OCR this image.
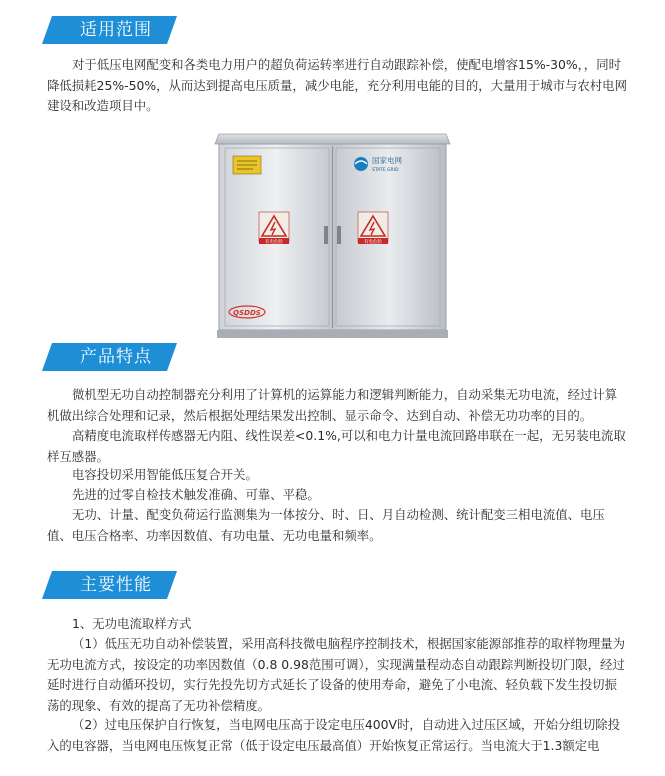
适用范围

对于低压电网配变和各类电力用户的超负荷运转率进行自动跟踪补偿，使配电增容15%-30%，，同时降低损耗25%-50%，从而达到提高电压质量，减少电能，充分利用电能的目的，大量用于城市与农村电网建设和改造项目中。

国家电网
STATE GRID
有电危险	有电危险
QSDDS
产品特点

微机型无功自动控制器充分利用了计算机的运算能力和逻辑判断能力，自动采集无功电流，经过计算机做出综合处理和记录，然后根据处理结果发出控制、显示命令、达到自动、补偿无功功率的目的。

高精度电流取样传感器无内阻、线性误差<0.1%,可以和电力计量电流回路串联在一起，无另装电流取样互感器。

电容投切采用智能低压复合开关。

先进的过零自检技术触发准确、可靠、平稳。

无功、计量、配变负荷运行监测集为一体按分、时、日、月自动检测、统计配变三相电流值、电压值、电压合格率、功率因数值、有功电量、无功电量和频率。

主要性能

1、无功电流取样方式

（1）低压无功自动补偿装置，采用高科技微电脑程序控制技术，根据国家能源部推荐的取样物理量为无功电流方式，按设定的功率因数值（0.8 0.98范围可调），实现满量程动态自动跟踪判断投切门限，经过延时进行自动循环投切，实行先投先切方式延长了设备的使用寿命，避免了小电流、轻负载下发生投切振荡的现象、有效的提高了无功补偿精度。

（2）过电压保护自行恢复，当电网电压高于设定电压400V时，自动进入过压区域，开始分组切除投入的电容器，当电网电压恢复正常（低于设定电压最高值）开始恢复正常运行。当电流大于1.3额定电
